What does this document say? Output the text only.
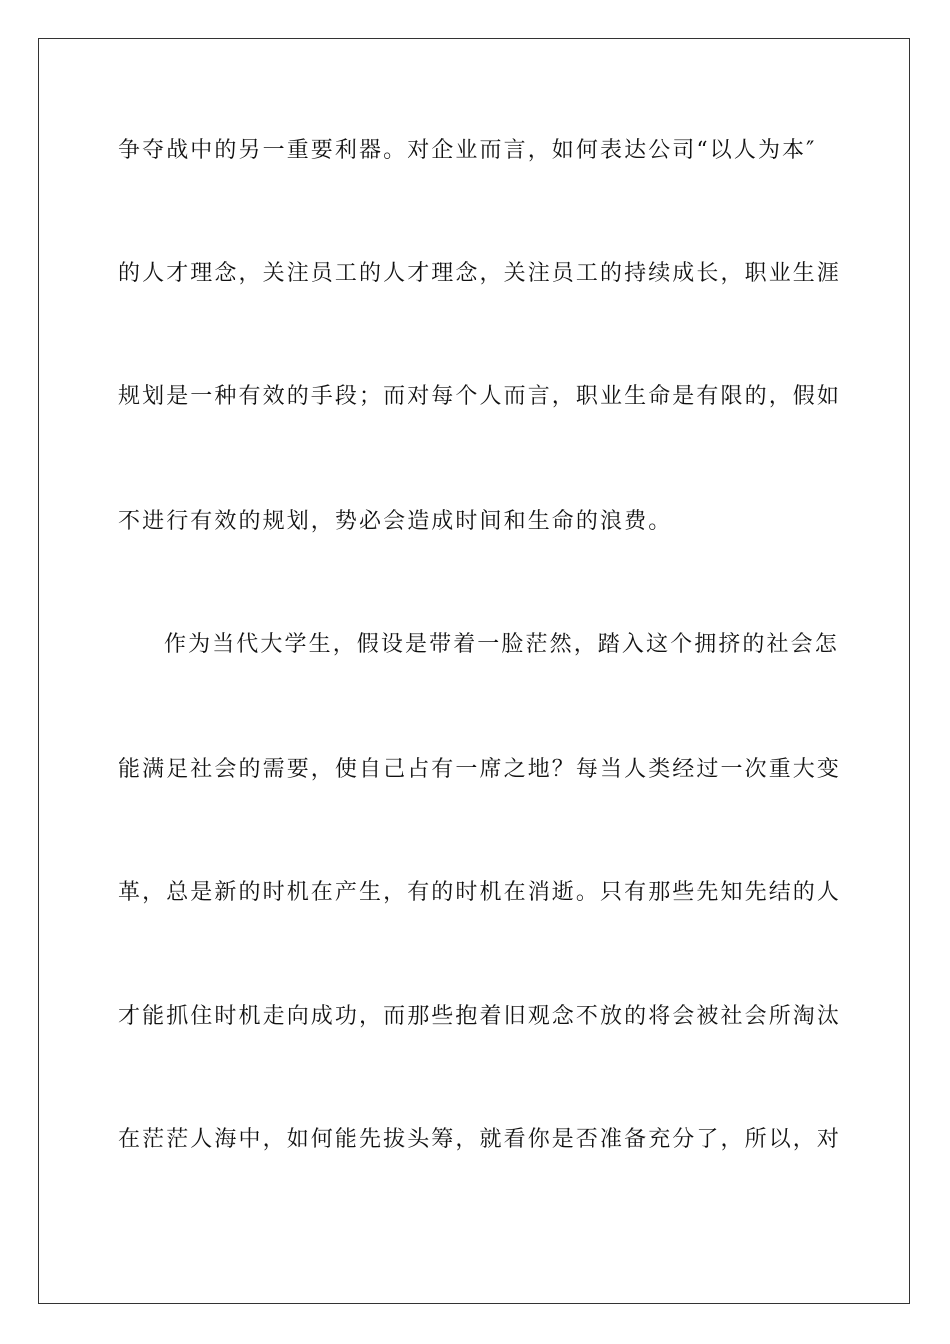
争夺战中的另一重要利器。对企业而言，如何表达公司“以人为本″
的人才理念，关注员工的人才理念，关注员工的持续成长，职业生涯
规划是一种有效的手段；而对每个人而言，职业生命是有限的，假如
不进行有效的规划，势必会造成时间和生命的浪费。
作为当代大学生，假设是带着一脸茫然，踏入这个拥挤的社会怎
能满足社会的需要，使自己占有一席之地？每当人类经过一次重大变
革，总是新的时机在产生，有的时机在消逝。只有那些先知先结的人
才能抓住时机走向成功，而那些抱着旧观念不放的将会被社会所淘汰
在茫茫人海中，如何能先拔头筹，就看你是否准备充分了，所以，对
